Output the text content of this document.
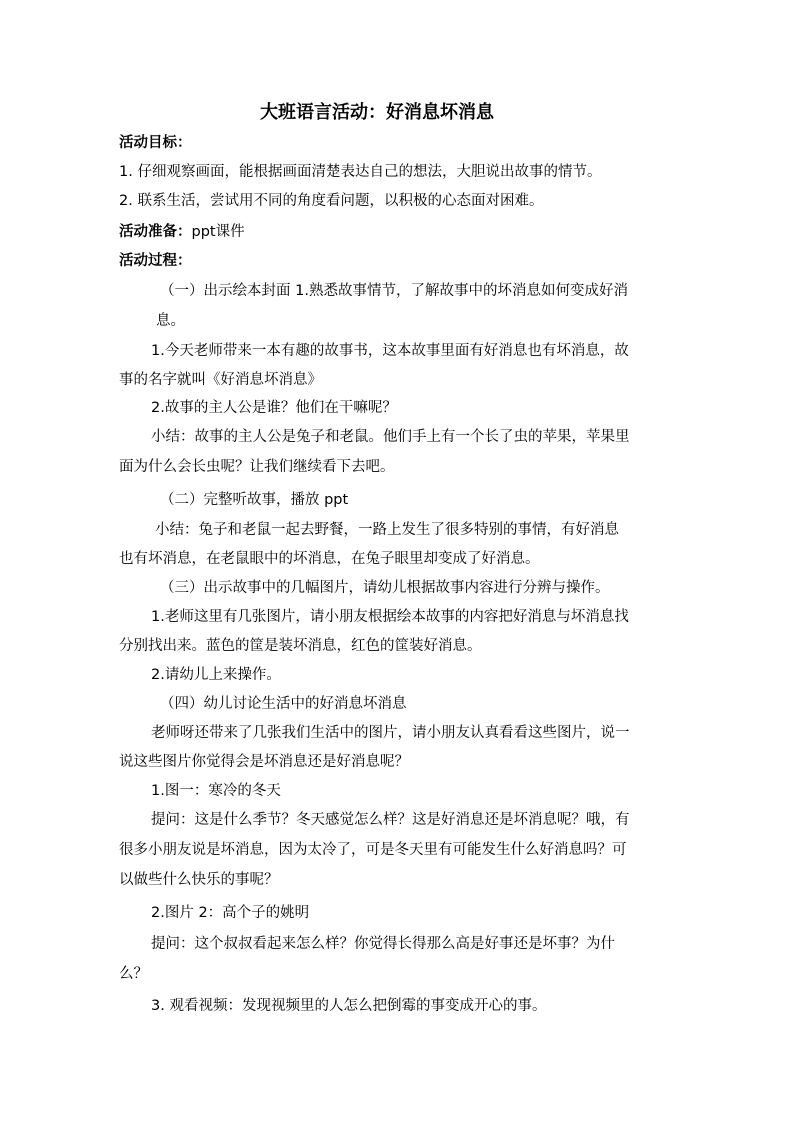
大班语言活动：好消息坏消息
活动目标：
1. 仔细观察画面，能根据画面清楚表达自己的想法，大胆说出故事的情节。
2. 联系生活，尝试用不同的角度看问题，以积极的心态面对困难。
活动准备：ppt课件
活动过程：
（一）出示绘本封面 1.熟悉故事情节，了解故事中的坏消息如何变成好消
息。
1.今天老师带来一本有趣的故事书，这本故事里面有好消息也有坏消息，故
事的名字就叫《好消息坏消息》
2.故事的主人公是谁？他们在干嘛呢？
小结：故事的主人公是兔子和老鼠。他们手上有一个长了虫的苹果，苹果里
面为什么会长虫呢？让我们继续看下去吧。
（二）完整听故事，播放 ppt
小结：兔子和老鼠一起去野餐，一路上发生了很多特别的事情，有好消息
也有坏消息，在老鼠眼中的坏消息，在兔子眼里却变成了好消息。
（三）出示故事中的几幅图片，请幼儿根据故事内容进行分辨与操作。
1.老师这里有几张图片，请小朋友根据绘本故事的内容把好消息与坏消息找
分别找出来。蓝色的筐是装坏消息，红色的筐装好消息。
2.请幼儿上来操作。
（四）幼儿讨论生活中的好消息坏消息
老师呀还带来了几张我们生活中的图片，请小朋友认真看看这些图片，说一
说这些图片你觉得会是坏消息还是好消息呢？
1.图一：寒冷的冬天
提问：这是什么季节？冬天感觉怎么样？这是好消息还是坏消息呢？哦，有
很多小朋友说是坏消息，因为太冷了，可是冬天里有可能发生什么好消息吗？可
以做些什么快乐的事呢？
2.图片 2：高个子的姚明
提问：这个叔叔看起来怎么样？你觉得长得那么高是好事还是坏事？为什
么？
3. 观看视频：发现视频里的人怎么把倒霉的事变成开心的事。
